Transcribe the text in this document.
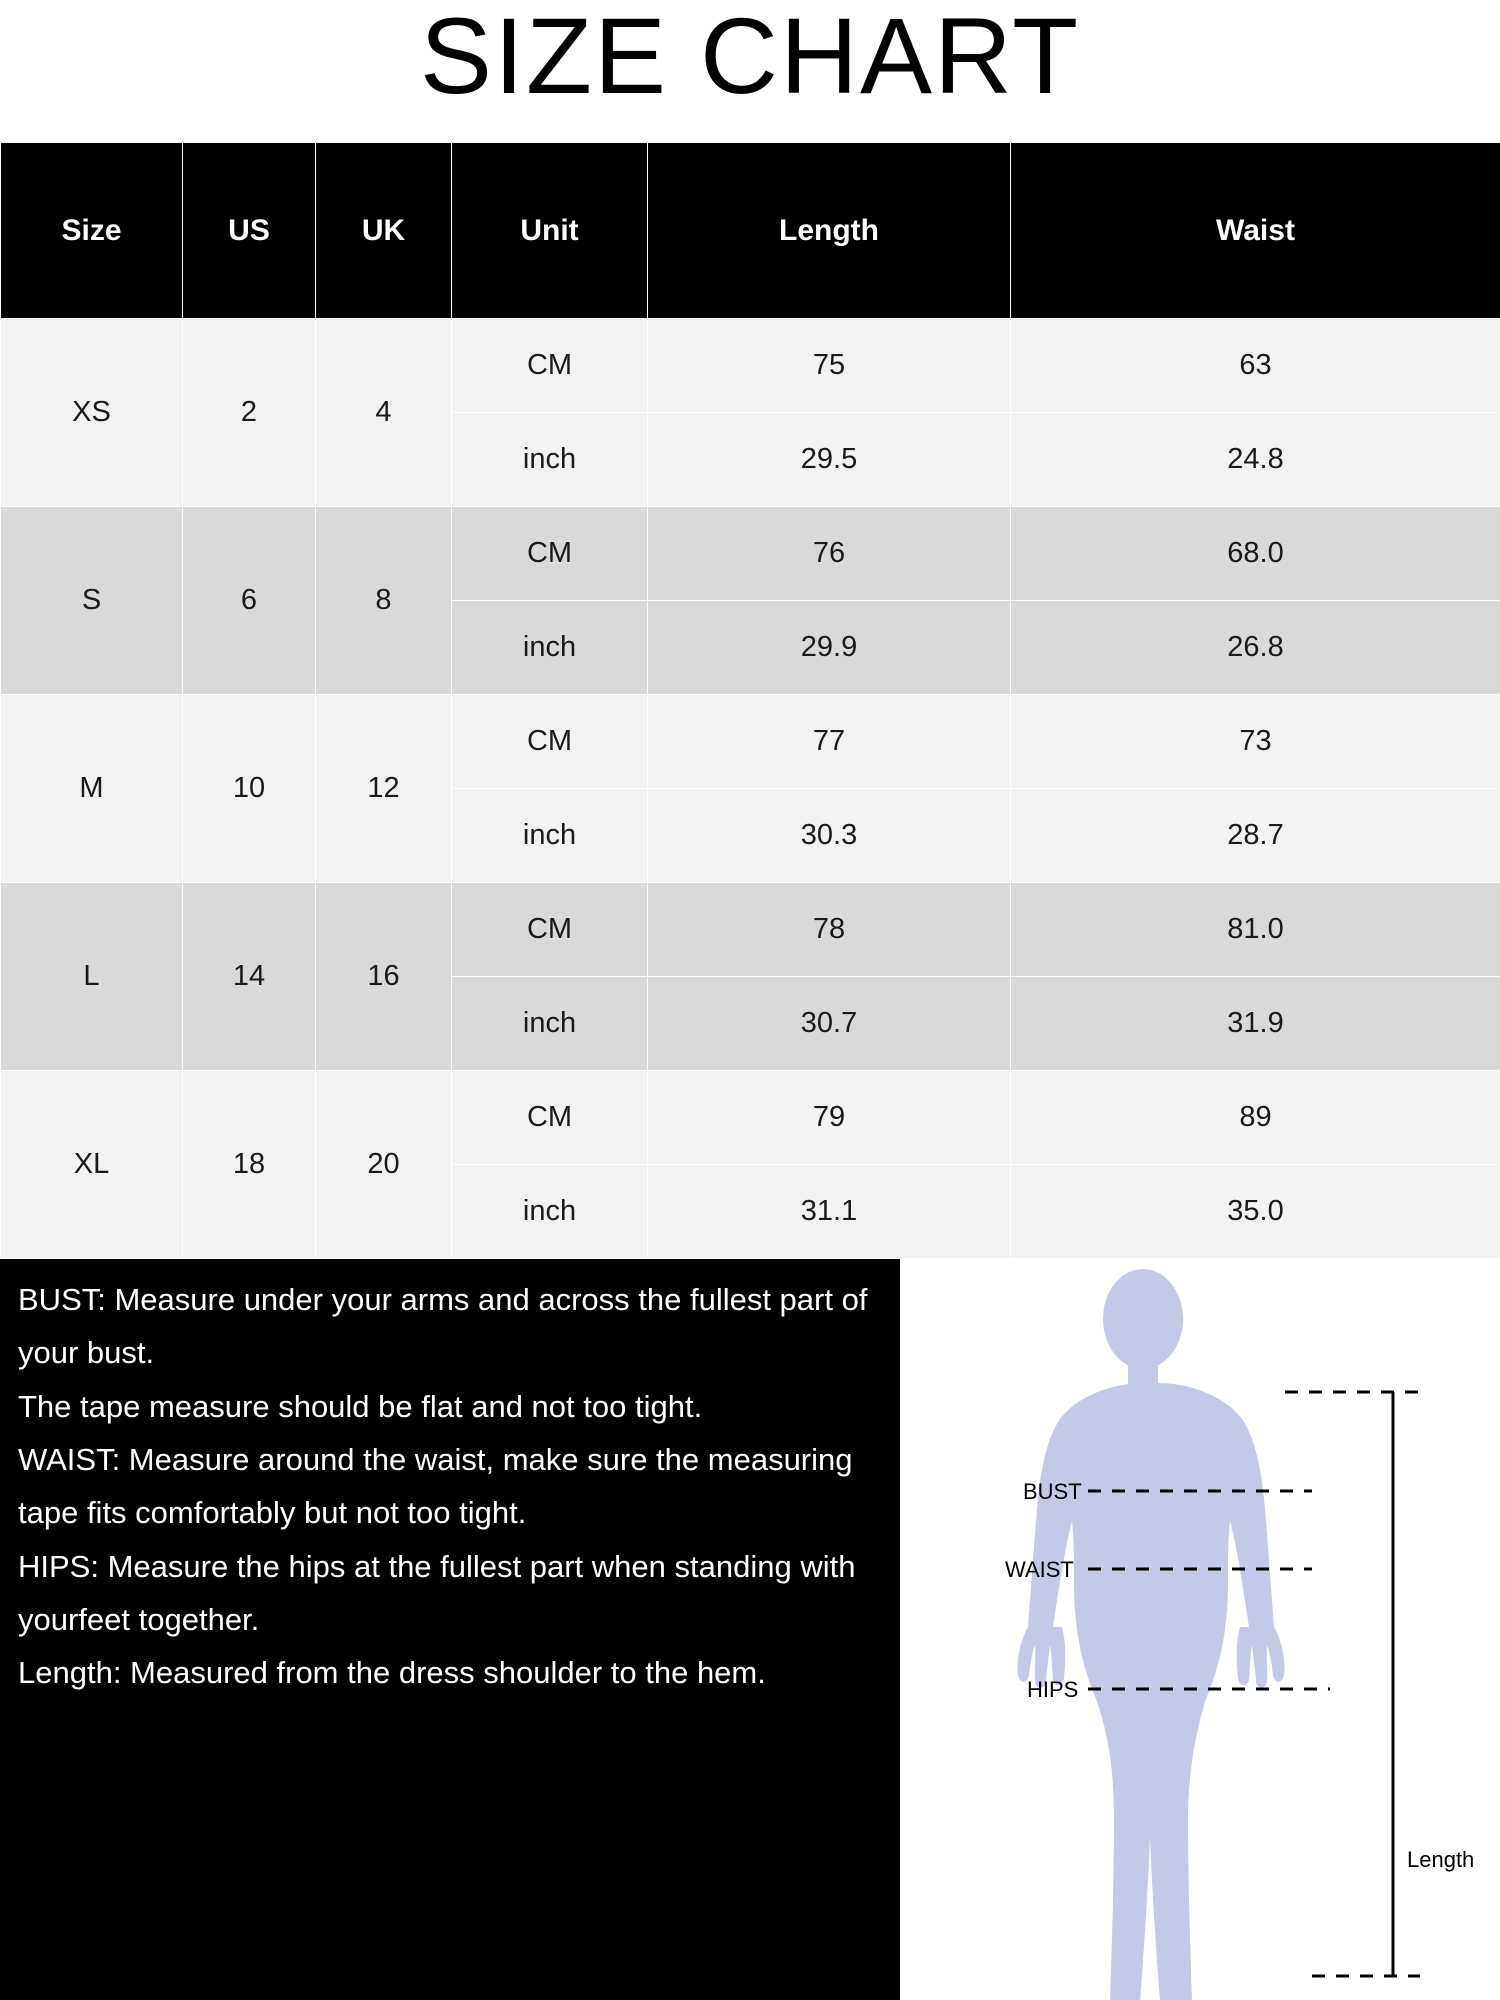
SIZE CHART
Size	US	UK	Unit	Length	Waist
XS	2	4	CM	75	63
			inch	29.5	24.8
S	6	8	CM	76	68.0
			inch	29.9	26.8
M	10	12	CM	77	73
			inch	30.3	28.7
L	14	16	CM	78	81.0
			inch	30.7	31.9
XL	18	20	CM	79	89
			inch	31.1	35.0

BUST: Measure under your arms and across the fullest part of your bust.

The tape measure should be flat and not too tight.

WAIST: Measure around the waist, make sure the measuring tape fits comfortably but not too tight.

HIPS: Measure the hips at the fullest part when standing with yourfeet together.

Length: Measured from the dress shoulder to the hem.

Length
BUST
WAIST
HIPS
